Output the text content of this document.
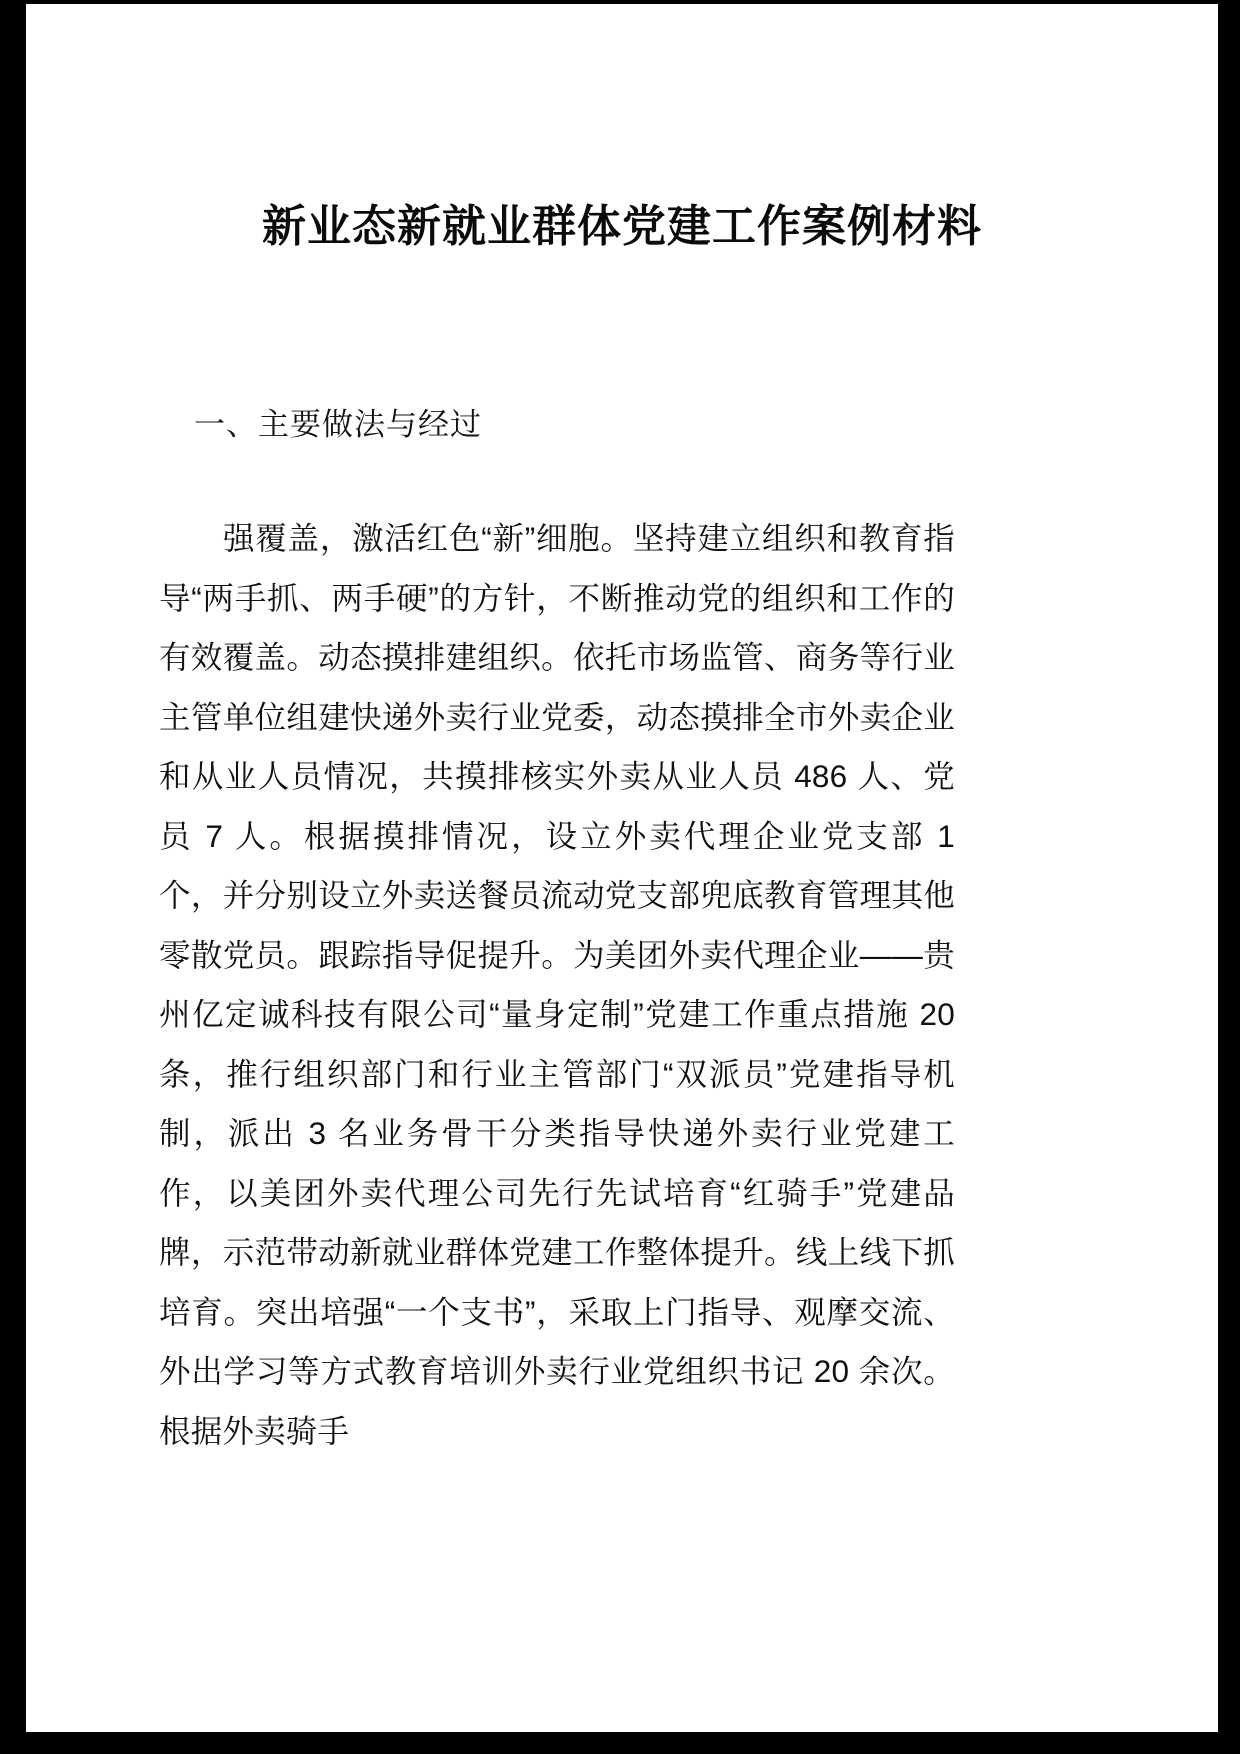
新业态新就业群体党建工作案例材料
一、主要做法与经过

强覆盖，激活红色“新”细胞。坚持建立组织和教育指导“两手抓、两手硬”的方针，不断推动党的组织和工作的有效覆盖。动态摸排建组织。依托市场监管、商务等行业主管单位组建快递外卖行业党委，动态摸排全市外卖企业和从业人员情况，共摸排核实外卖从业人员 486 人、党员 7 人。根据摸排情况，设立外卖代理企业党支部 1 个，并分别设立外卖送餐员流动党支部兜底教育管理其他零散党员。跟踪指导促提升。为美团外卖代理企业——贵州亿定诚科技有限公司“量身定制”党建工作重点措施 20 条，推行组织部门和行业主管部门“双派员”党建指导机制，派出 3 名业务骨干分类指导快递外卖行业党建工作，以美团外卖代理公司先行先试培育“红骑手”党建品牌，示范带动新就业群体党建工作整体提升。线上线下抓培育。突出培强“一个支书”，采取上门指导、观摩交流、外出学习等方式教育培训外卖行业党组织书记 20 余次。根据外卖骑手
